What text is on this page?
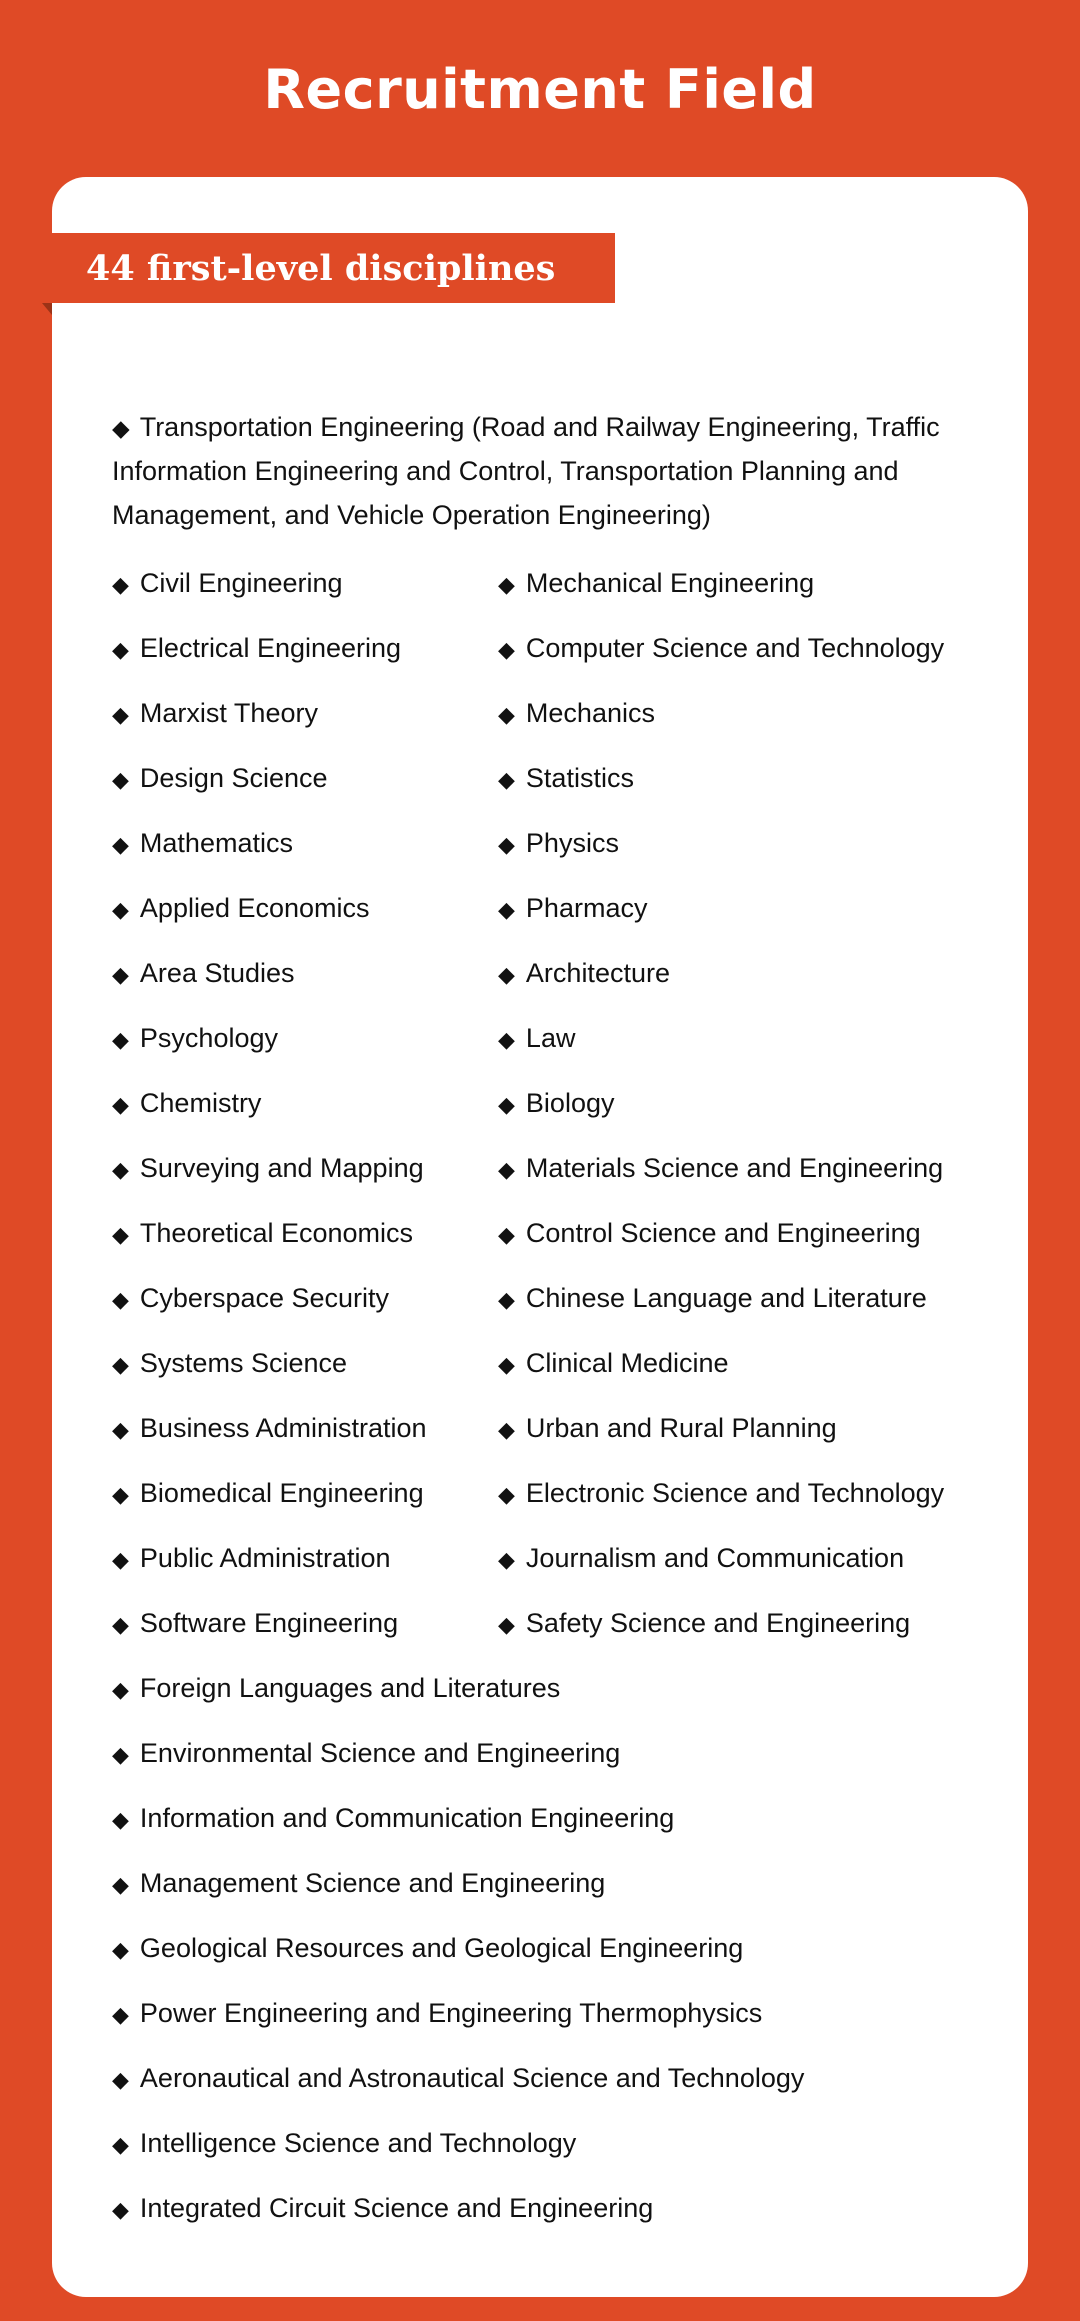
Recruitment Field
44 first-level disciplines

◆ Transportation Engineering (Road and Railway Engineering, Traffic Information Engineering and Control, Transportation Planning and Management, and Vehicle Operation Engineering)

◆ Civil Engineering	◆ Mechanical Engineering
◆ Electrical Engineering	◆ Computer Science and Technology
◆ Marxist Theory	◆ Mechanics
◆ Design Science	◆ Statistics
◆ Mathematics	◆ Physics
◆ Applied Economics	◆ Pharmacy
◆ Area Studies	◆ Architecture
◆ Psychology	◆ Law
◆ Chemistry	◆ Biology
◆ Surveying and Mapping	◆ Materials Science and Engineering
◆ Theoretical Economics	◆ Control Science and Engineering
◆ Cyberspace Security	◆ Chinese Language and Literature
◆ Systems Science	◆ Clinical Medicine
◆ Business Administration	◆ Urban and Rural Planning
◆ Biomedical Engineering	◆ Electronic Science and Technology
◆ Public Administration	◆ Journalism and Communication
◆ Software Engineering	◆ Safety Science and Engineering
◆ Foreign Languages and Literatures
◆ Environmental Science and Engineering
◆ Information and Communication Engineering
◆ Management Science and Engineering
◆ Geological Resources and Geological Engineering
◆ Power Engineering and Engineering Thermophysics
◆ Aeronautical and Astronautical Science and Technology
◆ Intelligence Science and Technology
◆ Integrated Circuit Science and Engineering
